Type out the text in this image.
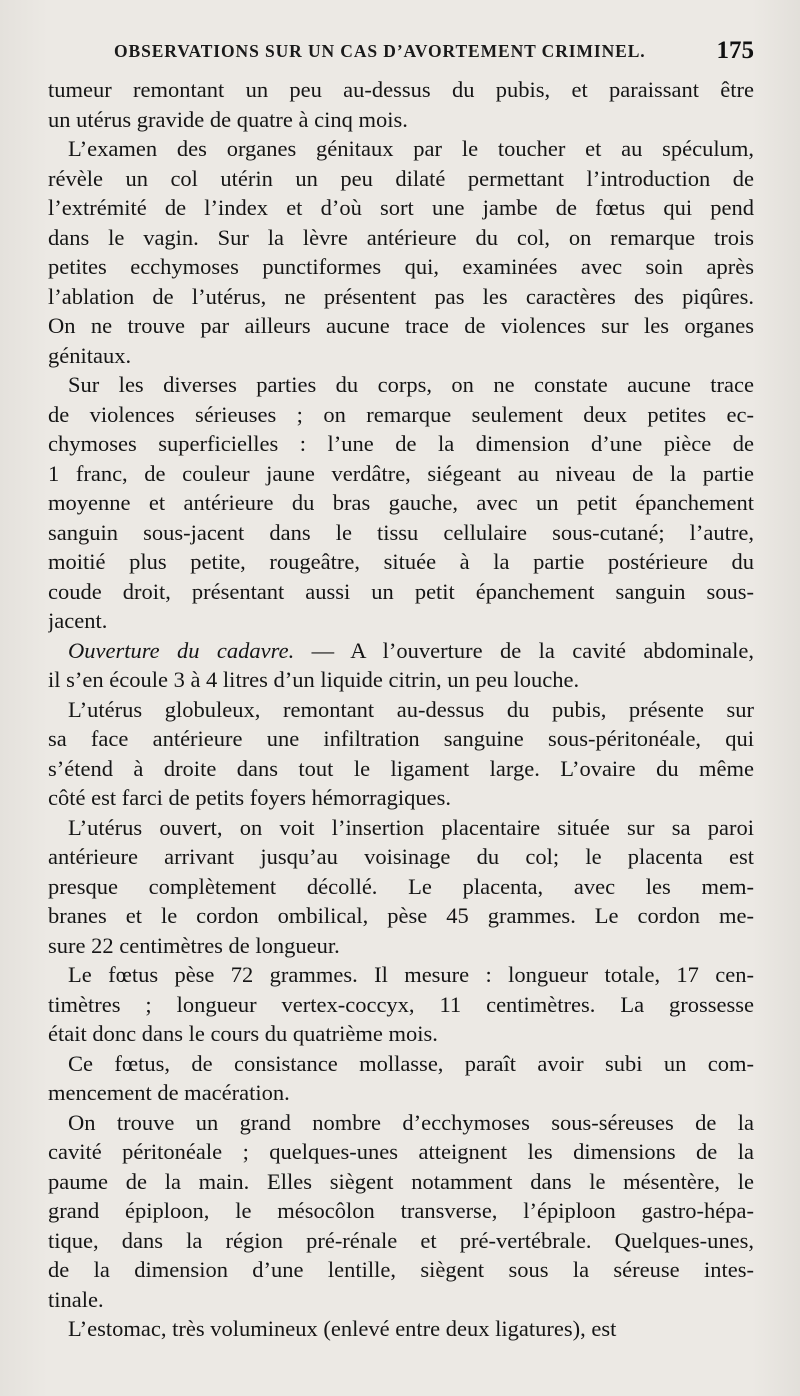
OBSERVATIONS SUR UN CAS D’AVORTEMENT CRIMINEL.	175
tumeur remontant un peu au-dessus du pubis, et paraissant être
un utérus gravide de quatre à cinq mois.
L’examen des organes génitaux par le toucher et au spéculum,
révèle un col utérin un peu dilaté permettant l’introduction de
l’extrémité de l’index et d’où sort une jambe de fœtus qui pend
dans le vagin. Sur la lèvre antérieure du col, on remarque trois
petites ecchymoses punctiformes qui, examinées avec soin après
l’ablation de l’utérus, ne présentent pas les caractères des piqûres.
On ne trouve par ailleurs aucune trace de violences sur les organes
génitaux.
Sur les diverses parties du corps, on ne constate aucune trace
de violences sérieuses ; on remarque seulement deux petites ec-
chymoses superficielles : l’une de la dimension d’une pièce de
1 franc, de couleur jaune verdâtre, siégeant au niveau de la partie
moyenne et antérieure du bras gauche, avec un petit épanchement
sanguin sous-jacent dans le tissu cellulaire sous-cutané; l’autre,
moitié plus petite, rougeâtre, située à la partie postérieure du
coude droit, présentant aussi un petit épanchement sanguin sous-
jacent.
Ouverture du cadavre. — A l’ouverture de la cavité abdominale,
il s’en écoule 3 à 4 litres d’un liquide citrin, un peu louche.
L’utérus globuleux, remontant au-dessus du pubis, présente sur
sa face antérieure une infiltration sanguine sous-péritonéale, qui
s’étend à droite dans tout le ligament large. L’ovaire du même
côté est farci de petits foyers hémorragiques.
L’utérus ouvert, on voit l’insertion placentaire située sur sa paroi
antérieure arrivant jusqu’au voisinage du col; le placenta est
presque complètement décollé. Le placenta, avec les mem-
branes et le cordon ombilical, pèse 45 grammes. Le cordon me-
sure 22 centimètres de longueur.
Le fœtus pèse 72 grammes. Il mesure : longueur totale, 17 cen-
timètres ; longueur vertex-coccyx, 11 centimètres. La grossesse
était donc dans le cours du quatrième mois.
Ce fœtus, de consistance mollasse, paraît avoir subi un com-
mencement de macération.
On trouve un grand nombre d’ecchymoses sous-séreuses de la
cavité péritonéale ; quelques-unes atteignent les dimensions de la
paume de la main. Elles siègent notamment dans le mésentère, le
grand épiploon, le mésocôlon transverse, l’épiploon gastro-hépa-
tique, dans la région pré-rénale et pré-vertébrale. Quelques-unes,
de la dimension d’une lentille, siègent sous la séreuse intes-
tinale.
L’estomac, très volumineux (enlevé entre deux ligatures), est
